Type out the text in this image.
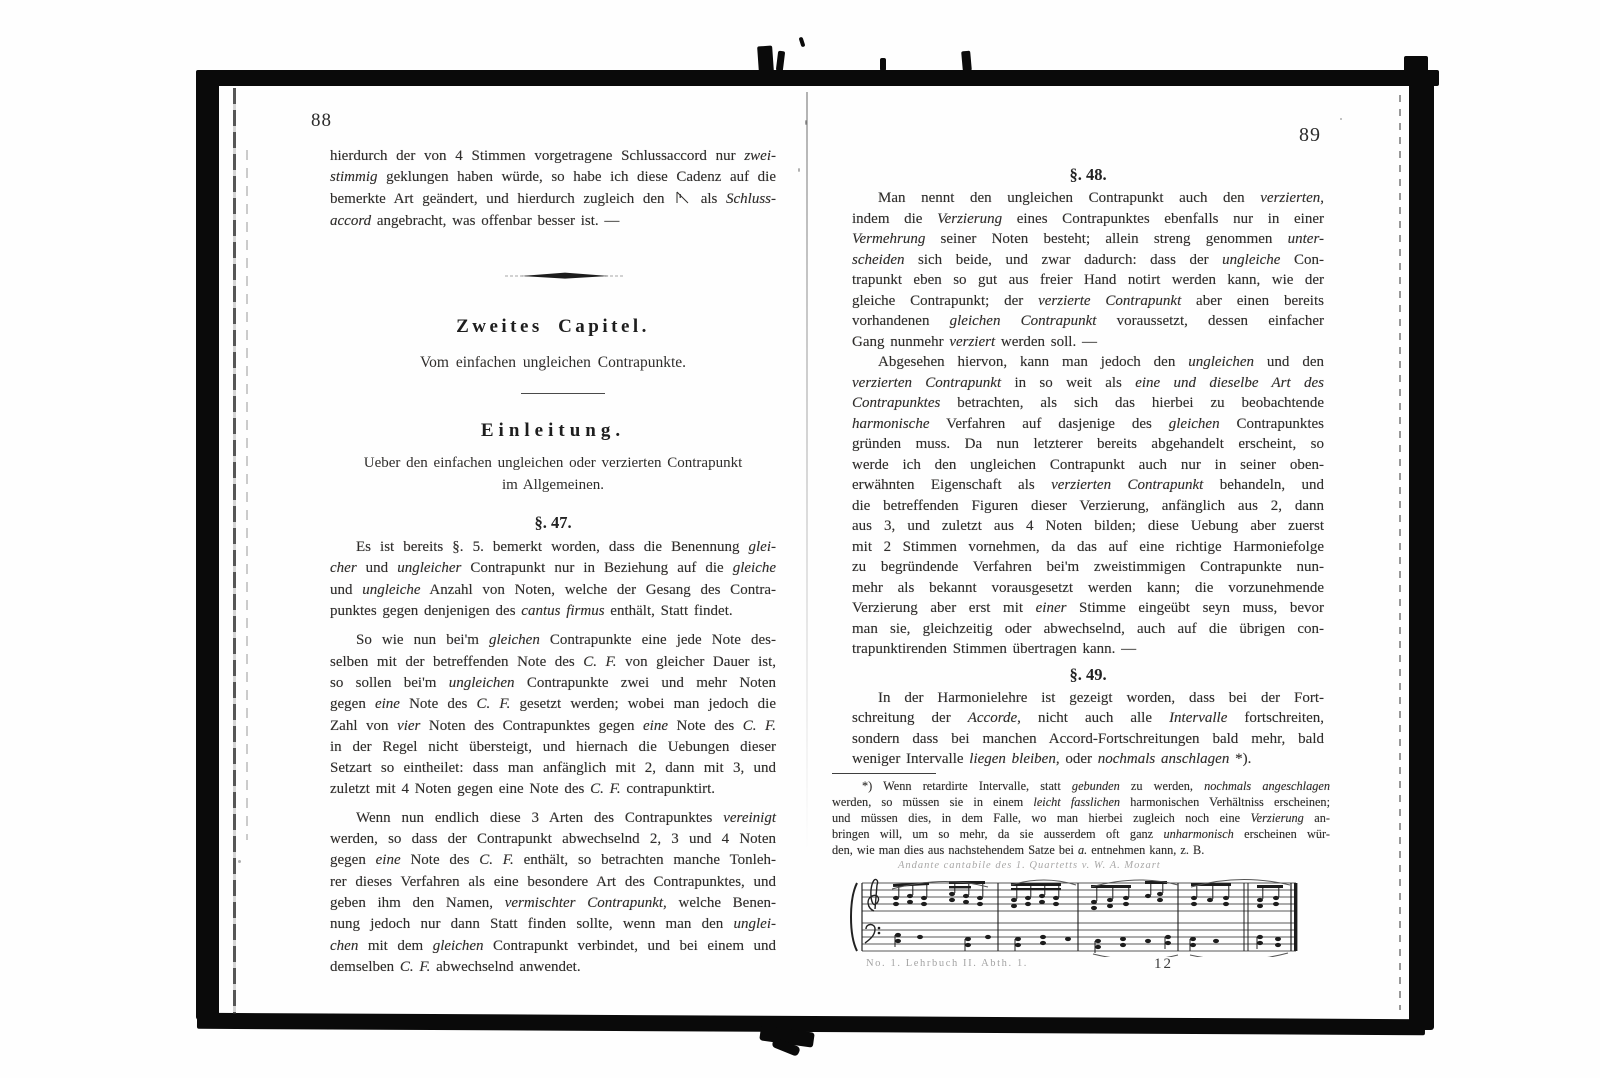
88
hierdurch der von 4 Stimmen vorgetragene Schlussaccord nur zwei-
stimmig geklungen haben würde, so habe ich diese Cadenz auf die
bemerkte Art geändert, und hierdurch zugleich den  als Schluss-
accord angebracht, was offenbar besser ist. —
Zweites Capitel.
Vom einfachen ungleichen Contrapunkte.
Einleitung.
Ueber den einfachen ungleichen oder verzierten Contrapunkt
im Allgemeinen.
§. 47.
Es ist bereits §. 5. bemerkt worden, dass die Benennung glei-
cher und ungleicher Contrapunkt nur in Beziehung auf die gleiche
und ungleiche Anzahl von Noten, welche der Gesang des Contra-
punktes gegen denjenigen des cantus firmus enthält, Statt findet.
So wie nun bei'm gleichen Contrapunkte eine jede Note des-
selben mit der betreffenden Note des C. F. von gleicher Dauer ist,
so sollen bei'm ungleichen Contrapunkte zwei und mehr Noten
gegen eine Note des C. F. gesetzt werden; wobei man jedoch die
Zahl von vier Noten des Contrapunktes gegen eine Note des C. F.
in der Regel nicht übersteigt, und hiernach die Uebungen dieser
Setzart so eintheilet: dass man anfänglich mit 2, dann mit 3, und
zuletzt mit 4 Noten gegen eine Note des C. F. contrapunktirt.
Wenn nun endlich diese 3 Arten des Contrapunktes vereinigt
werden, so dass der Contrapunkt abwechselnd 2, 3 und 4 Noten
gegen eine Note des C. F. enthält, so betrachten manche Tonleh-
rer dieses Verfahren als eine besondere Art des Contrapunktes, und
geben ihm den Namen, vermischter Contrapunkt, welche Benen-
nung jedoch nur dann Statt finden sollte, wenn man den unglei-
chen mit dem gleichen Contrapunkt verbindet, und bei einem und
demselben C. F. abwechselnd anwendet.
89
§. 48.
Man nennt den ungleichen Contrapunkt auch den verzierten,
indem die Verzierung eines Contrapunktes ebenfalls nur in einer
Vermehrung seiner Noten besteht; allein streng genommen unter-
scheiden sich beide, und zwar dadurch: dass der ungleiche Con-
trapunkt eben so gut aus freier Hand notirt werden kann, wie der
gleiche Contrapunkt; der verzierte Contrapunkt aber einen bereits
vorhandenen gleichen Contrapunkt voraussetzt, dessen einfacher
Gang nunmehr verziert werden soll. —
Abgesehen hiervon, kann man jedoch den ungleichen und den
verzierten Contrapunkt in so weit als eine und dieselbe Art des
Contrapunktes betrachten, als sich das hierbei zu beobachtende
harmonische Verfahren auf dasjenige des gleichen Contrapunktes
gründen muss. Da nun letzterer bereits abgehandelt erscheint, so
werde ich den ungleichen Contrapunkt auch nur in seiner oben-
erwähnten Eigenschaft als verzierten Contrapunkt behandeln, und
die betreffenden Figuren dieser Verzierung, anfänglich aus 2, dann
aus 3, und zuletzt aus 4 Noten bilden; diese Uebung aber zuerst
mit 2 Stimmen vornehmen, da das auf eine richtige Harmoniefolge
zu begründende Verfahren bei'm zweistimmigen Contrapunkte nun-
mehr als bekannt vorausgesetzt werden kann; die vorzunehmende
Verzierung aber erst mit einer Stimme eingeübt seyn muss, bevor
man sie, gleichzeitig oder abwechselnd, auch auf die übrigen con-
trapunktirenden Stimmen übertragen kann. —
§. 49.
In der Harmonielehre ist gezeigt worden, dass bei der Fort-
schreitung der Accorde, nicht auch alle Intervalle fortschreiten,
sondern dass bei manchen Accord-Fortschreitungen bald mehr, bald
weniger Intervalle liegen bleiben, oder nochmals anschlagen *).
*) Wenn retardirte Intervalle, statt gebunden zu werden, nochmals angeschlagen
werden, so müssen sie in einem leicht fasslichen harmonischen Verhältniss erscheinen;
und müssen dies, in dem Falle, wo man hierbei zugleich noch eine Verzierung an-
bringen will, um so mehr, da sie ausserdem oft ganz unharmonisch erscheinen wür-
den, wie man dies aus nachstehendem Satze bei a. entnehmen kann, z. B.
Andante cantabile des 1. Quartetts v. W. A. Mozart
No. 1. Lehrbuch II. Abth. 1.	12
